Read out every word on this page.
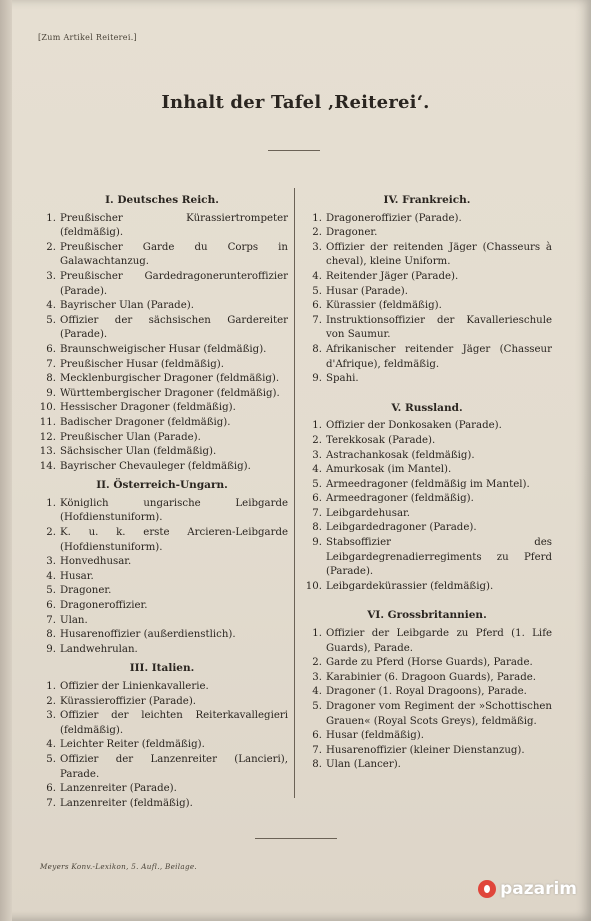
[Zum Artikel Reiterei.]
Inhalt der Tafel ‚Reiterei‘.
I. Deutsches Reich.
1. Preußischer Kürassiertrompeter (feldmäßig).
2. Preußischer Garde du Corps in Galawachtanzug.
3. Preußischer Gardedragonerunteroffizier (Parade).
4. Bayrischer Ulan (Parade).
5. Offizier der sächsischen Gardereiter (Parade).
6. Braunschweigischer Husar (feldmäßig).
7. Preußischer Husar (feldmäßig).
8. Mecklenburgischer Dragoner (feldmäßig).
9. Württembergischer Dragoner (feldmäßig).
10. Hessischer Dragoner (feldmäßig).
11. Badischer Dragoner (feldmäßig).
12. Preußischer Ulan (Parade).
13. Sächsischer Ulan (feldmäßig).
14. Bayrischer Chevauleger (feldmäßig).
II. Österreich-Ungarn.
1. Königlich ungarische Leibgarde (Hofdienstuniform).
2. K. u. k. erste Arcieren-Leibgarde (Hofdienstuniform).
3. Honvedhusar.
4. Husar.
5. Dragoner.
6. Dragoneroffizier.
7. Ulan.
8. Husarenoffizier (außerdienstlich).
9. Landwehrulan.
III. Italien.
1. Offizier der Linienkavallerie.
2. Kürassieroffizier (Parade).
3. Offizier der leichten Reiterkavallegieri (feldmäßig).
4. Leichter Reiter (feldmäßig).
5. Offizier der Lanzenreiter (Lancieri), Parade.
6. Lanzenreiter (Parade).
7. Lanzenreiter (feldmäßig).
IV. Frankreich.
1. Dragoneroffizier (Parade).
2. Dragoner.
3. Offizier der reitenden Jäger (Chasseurs à cheval), kleine Uniform.
4. Reitender Jäger (Parade).
5. Husar (Parade).
6. Kürassier (feldmäßig).
7. Instruktionsoffizier der Kavallerieschule von Saumur.
8. Afrikanischer reitender Jäger (Chasseur d'Afrique), feldmäßig.
9. Spahi.
V. Russland.
1. Offizier der Donkosaken (Parade).
2. Terekkosak (Parade).
3. Astrachankosak (feldmäßig).
4. Amurkosak (im Mantel).
5. Armeedragoner (feldmäßig im Mantel).
6. Armeedragoner (feldmäßig).
7. Leibgardehusar.
8. Leibgardedragoner (Parade).
9. Stabsoffizier des Leibgardegrenadierregiments zu Pferd (Parade).
10. Leibgardekürassier (feldmäßig).
VI. Grossbritannien.
1. Offizier der Leibgarde zu Pferd (1. Life Guards), Parade.
2. Garde zu Pferd (Horse Guards), Parade.
3. Karabinier (6. Dragoon Guards), Parade.
4. Dragoner (1. Royal Dragoons), Parade.
5. Dragoner vom Regiment der »Schottischen Grauen« (Royal Scots Greys), feldmäßig.
6. Husar (feldmäßig).
7. Husarenoffizier (kleiner Dienstanzug).
8. Ulan (Lancer).
Meyers Konv.-Lexikon, 5. Aufl., Beilage.
pazarim
